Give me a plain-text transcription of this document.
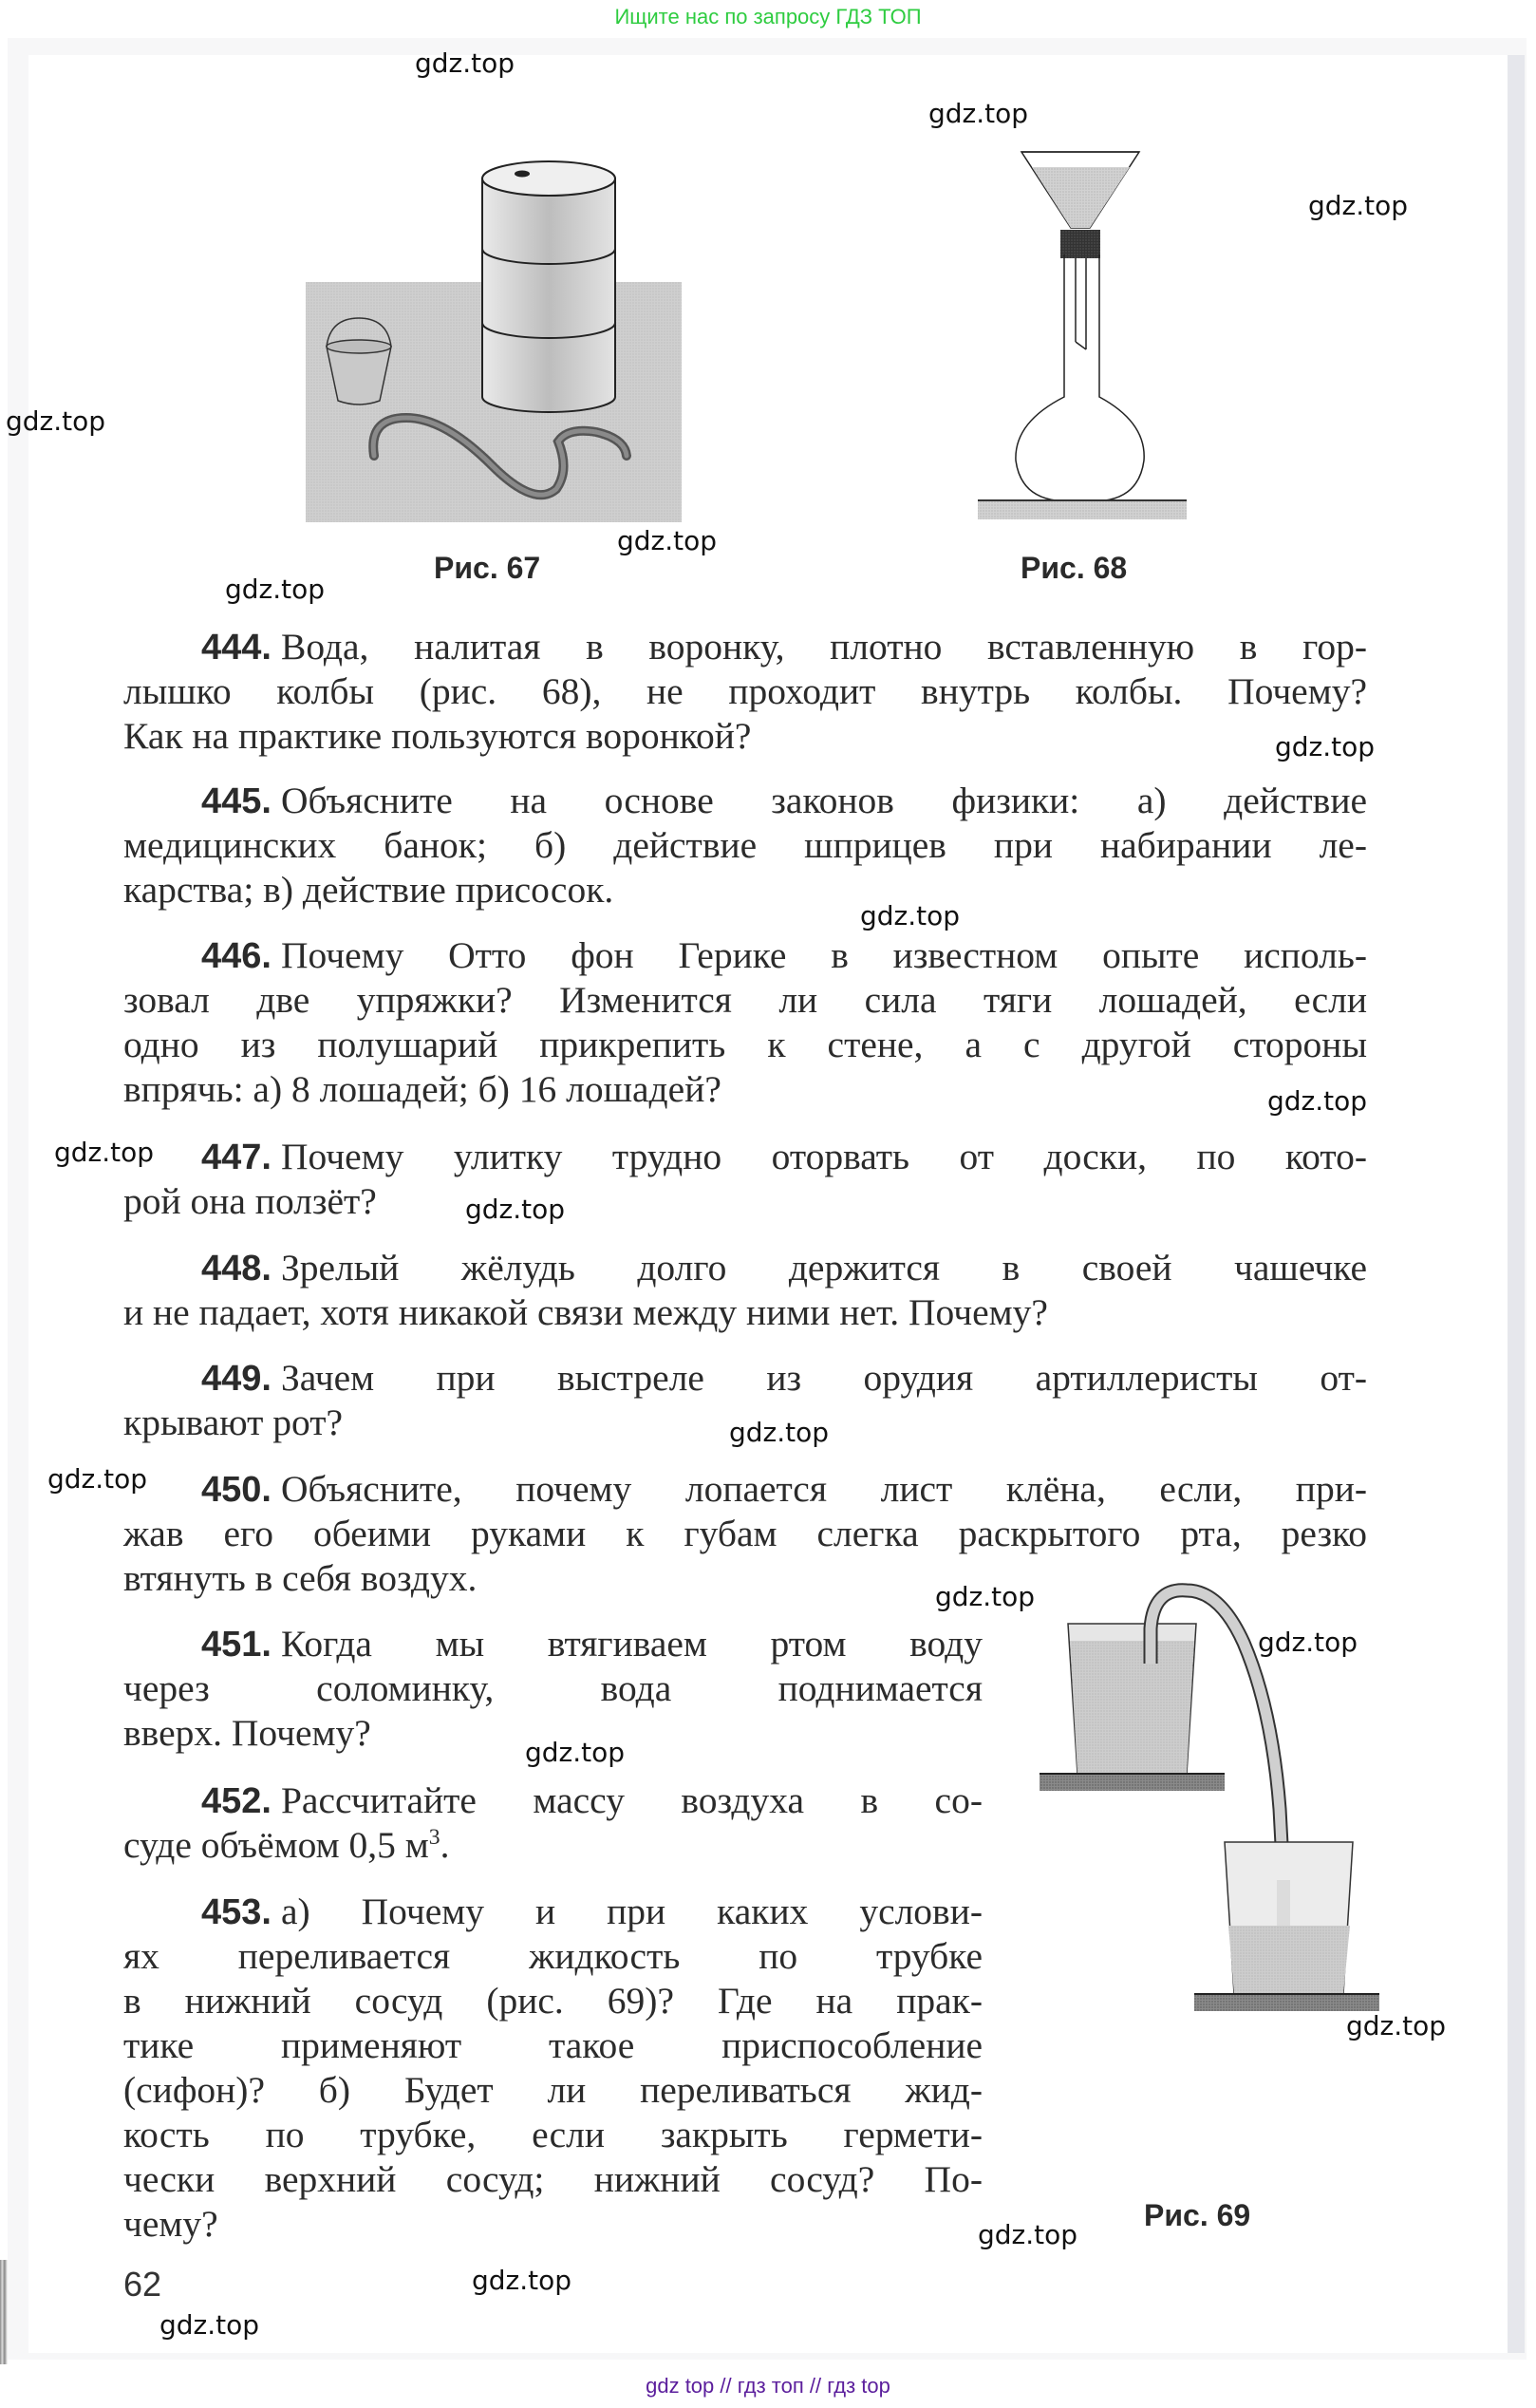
Ищите нас по запросу ГДЗ ТОП
Рис. 67	Рис. 68
444. Вода, налитая в воронку, плотно вставленную в гор-
лышко колбы (рис. 68), не проходит внутрь колбы. Почему?
Как на практике пользуются воронкой?
445. Объясните на основе законов физики: а) действие
медицинских банок; б) действие шприцев при набирании ле-
карства; в) действие присосок.
446. Почему Отто фон Герике в известном опыте исполь-
зовал две упряжки? Изменится ли сила тяги лошадей, если
одно из полушарий прикрепить к стене, а с другой стороны
впрячь: а) 8 лошадей; б) 16 лошадей?
447. Почему улитку трудно оторвать от доски, по кото-
рой она ползёт?
448. Зрелый жёлудь долго держится в своей чашечке
и не падает, хотя никакой связи между ними нет. Почему?
449. Зачем при выстреле из орудия артиллеристы от-
крывают рот?
450. Объясните, почему лопается лист клёна, если, при-
жав его обеими руками к губам слегка раскрытого рта, резко
втянуть в себя воздух.
451. Когда мы втягиваем ртом воду
через соломинку, вода поднимается
вверх. Почему?
452. Рассчитайте массу воздуха в со-
суде объёмом 0,5 $м^3$.
453. а) Почему и при каких услови-
ях переливается жидкость по трубке
в нижний сосуд (рис. 69)? Где на прак-
тике применяют такое приспособление
(сифон)? б) Будет ли переливаться жид-
кость по трубке, если закрыть гермети-
чески верхний сосуд; нижний сосуд? По-
чему?	Рис. 69
62
gdz.top
gdz.top
gdz.top
gdz.top
gdz.top
gdz.top
gdz.top
gdz.top
gdz.top
gdz.top
gdz.top
gdz.top
gdz.top
gdz.top
gdz.top
gdz.top
gdz.top
gdz.top
gdz.top
gdz.top
gdz top // гдз топ // гдз top
